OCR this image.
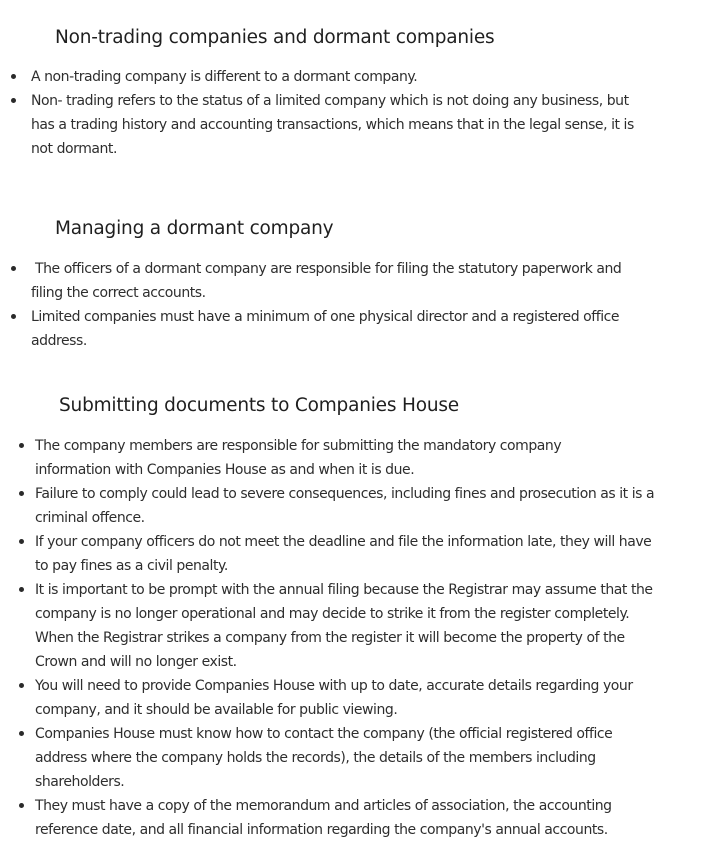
Non-trading companies and dormant companies
A non-trading company is different to a dormant company.
Non- trading refers to the status of a limited company which is not doing any business, but has a trading history and accounting transactions, which means that in the legal sense, it is not dormant.
Managing a dormant company
The officers of a dormant company are responsible for filing the statutory paperwork and filing the correct accounts.
Limited companies must have a minimum of one physical director and a registered office address.
Submitting documents to Companies House
The company members are responsible for submitting the mandatory company information with Companies House as and when it is due.
Failure to comply could lead to severe consequences, including fines and prosecution as it is a criminal offence.
If your company officers do not meet the deadline and file the information late, they will have to pay fines as a civil penalty.
It is important to be prompt with the annual filing because the Registrar may assume that the company is no longer operational and may decide to strike it from the register completely. When the Registrar strikes a company from the register it will become the property of the Crown and will no longer exist.
You will need to provide Companies House with up to date, accurate details regarding your company, and it should be available for public viewing.
Companies House must know how to contact the company (the official registered office address where the company holds the records), the details of the members including shareholders.
They must have a copy of the memorandum and articles of association, the accounting reference date, and all financial information regarding the company's annual accounts.
